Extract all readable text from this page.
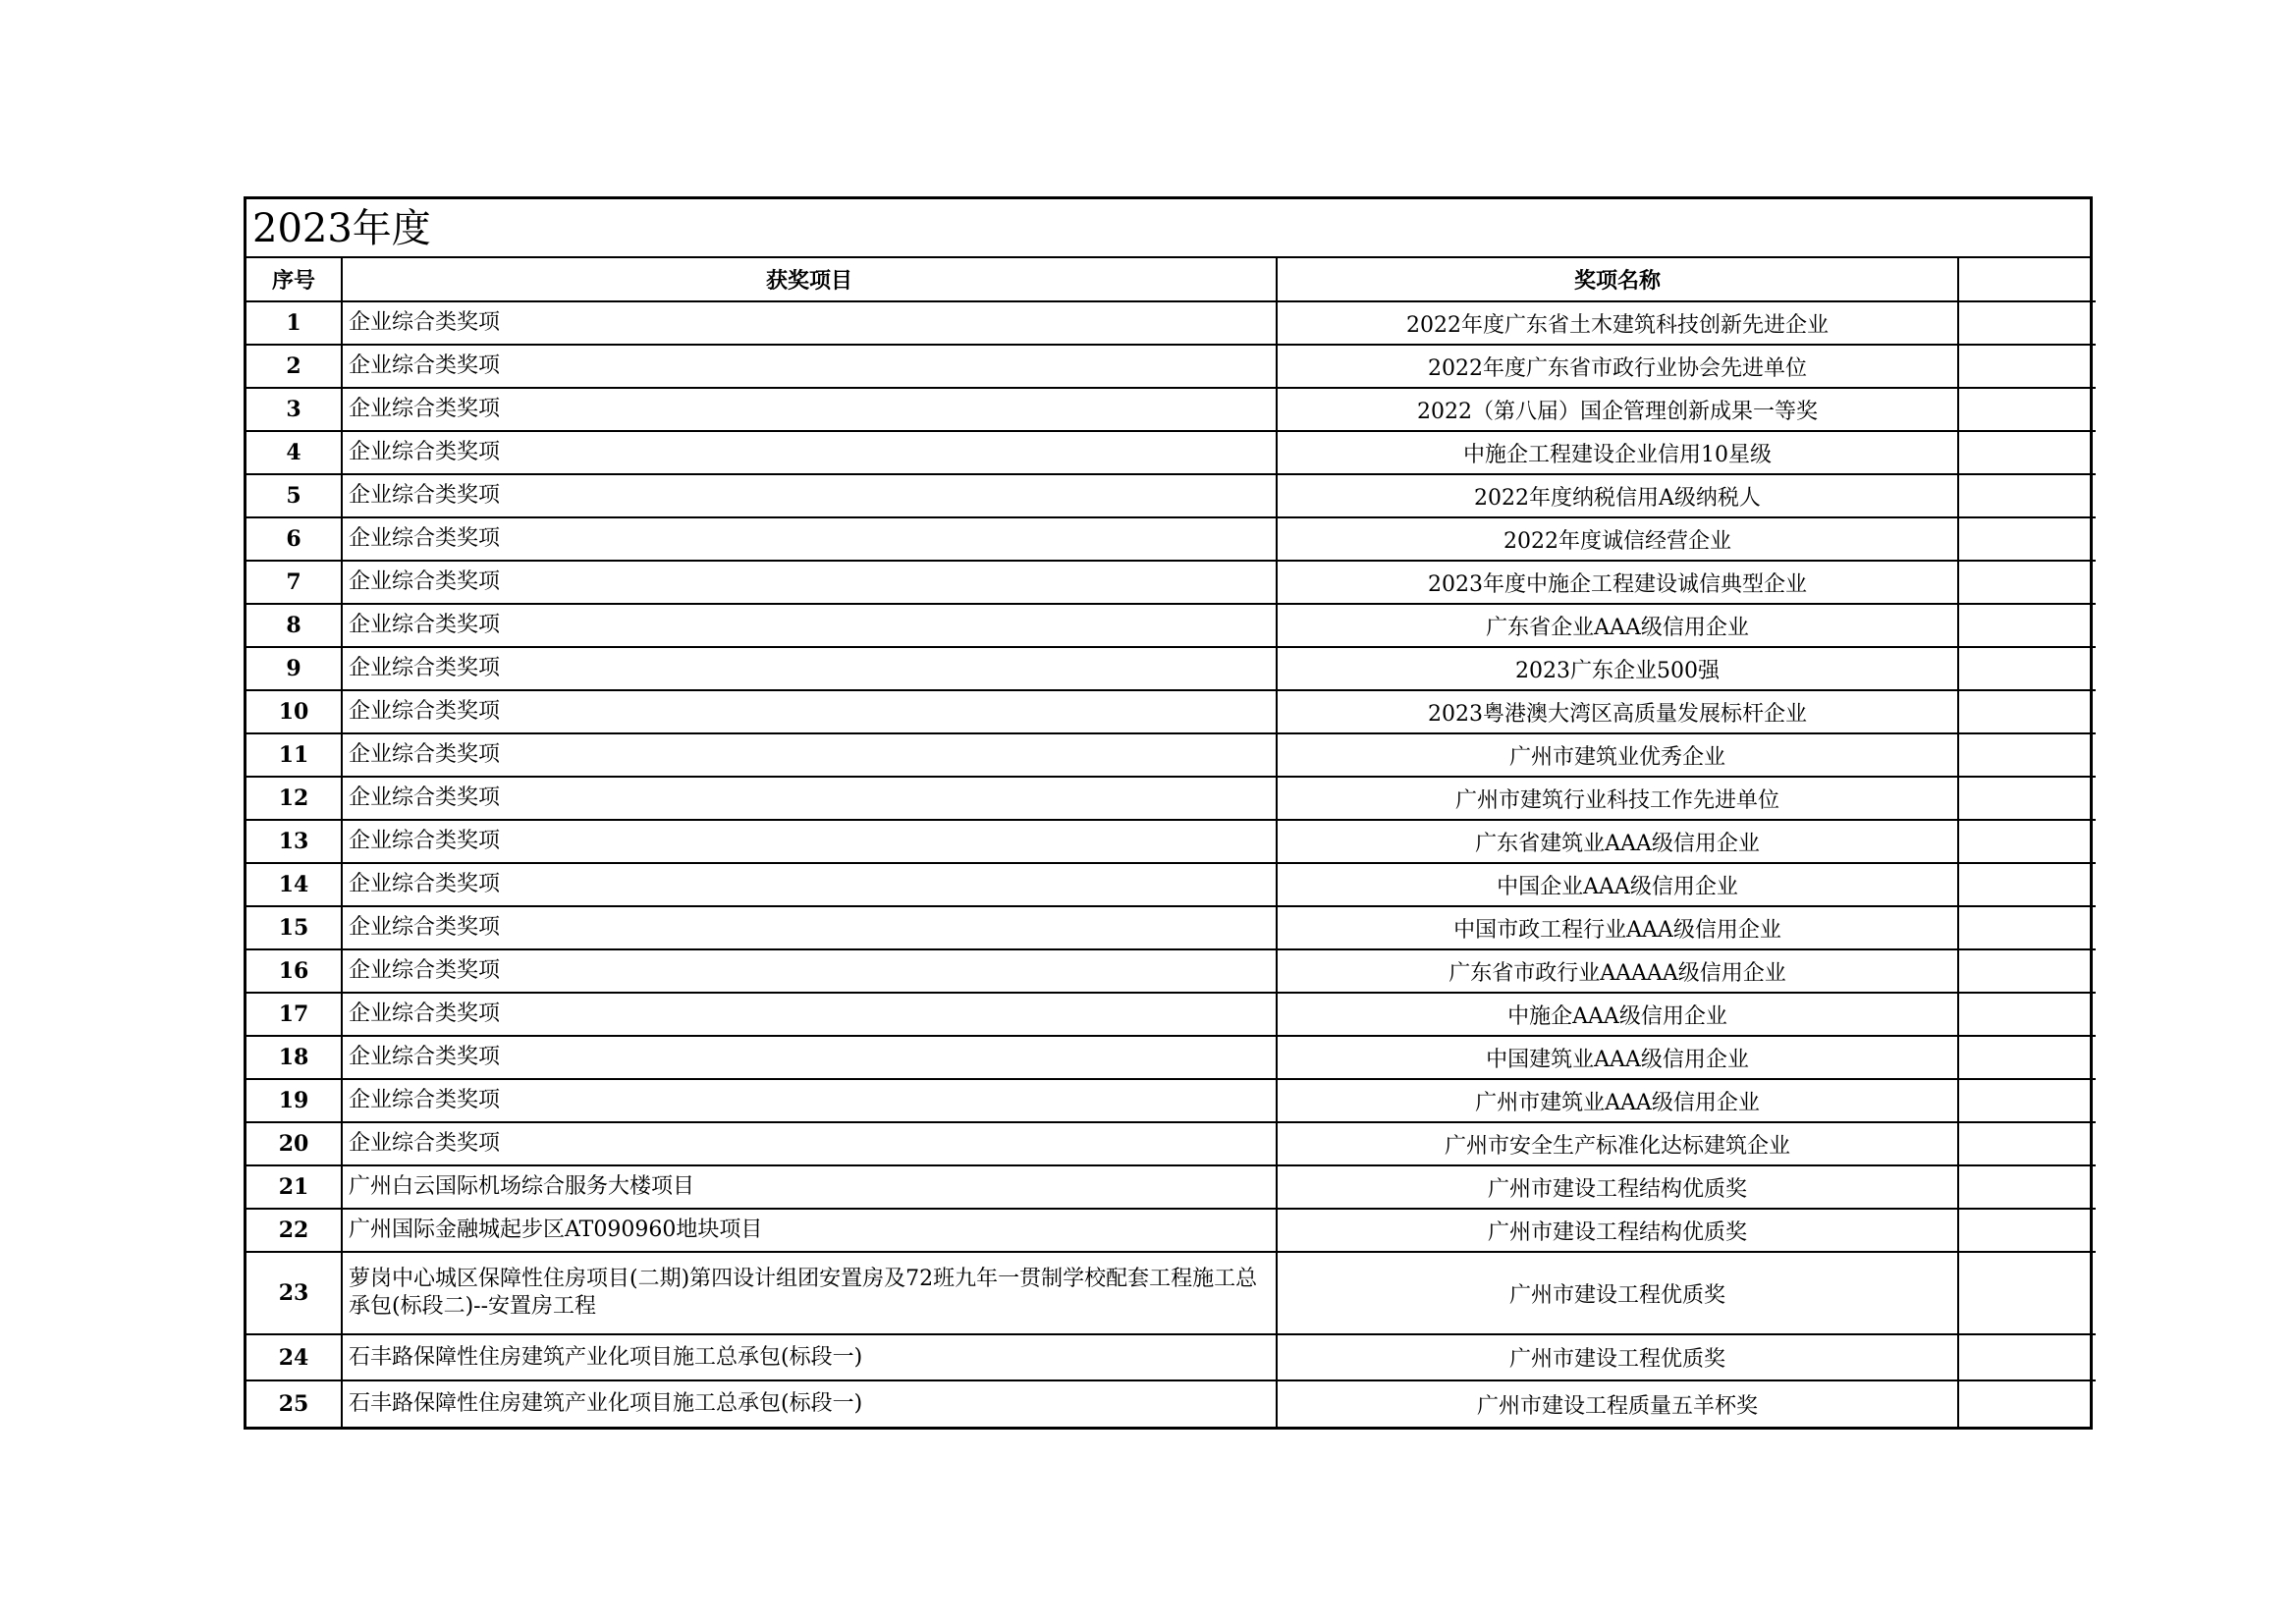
2023年度
序号	获奖项目	奖项名称	
1	企业综合类奖项	2022年度广东省土木建筑科技创新先进企业	
2	企业综合类奖项	2022年度广东省市政行业协会先进单位	
3	企业综合类奖项	2022（第八届）国企管理创新成果一等奖	
4	企业综合类奖项	中施企工程建设企业信用10星级	
5	企业综合类奖项	2022年度纳税信用A级纳税人	
6	企业综合类奖项	2022年度诚信经营企业	
7	企业综合类奖项	2023年度中施企工程建设诚信典型企业	
8	企业综合类奖项	广东省企业AAA级信用企业	
9	企业综合类奖项	2023广东企业500强	
10	企业综合类奖项	2023粤港澳大湾区高质量发展标杆企业	
11	企业综合类奖项	广州市建筑业优秀企业	
12	企业综合类奖项	广州市建筑行业科技工作先进单位	
13	企业综合类奖项	广东省建筑业AAA级信用企业	
14	企业综合类奖项	中国企业AAA级信用企业	
15	企业综合类奖项	中国市政工程行业AAA级信用企业	
16	企业综合类奖项	广东省市政行业AAAAA级信用企业	
17	企业综合类奖项	中施企AAA级信用企业	
18	企业综合类奖项	中国建筑业AAA级信用企业	
19	企业综合类奖项	广州市建筑业AAA级信用企业	
20	企业综合类奖项	广州市安全生产标准化达标建筑企业	
21	广州白云国际机场综合服务大楼项目	广州市建设工程结构优质奖	
22	广州国际金融城起步区AT090960地块项目	广州市建设工程结构优质奖	
23	萝岗中心城区保障性住房项目(二期)第四设计组团安置房及72班九年一贯制学校配套工程施工总承包(标段二)--安置房工程	广州市建设工程优质奖	
24	石丰路保障性住房建筑产业化项目施工总承包(标段一)	广州市建设工程优质奖	
25	石丰路保障性住房建筑产业化项目施工总承包(标段一)	广州市建设工程质量五羊杯奖	
